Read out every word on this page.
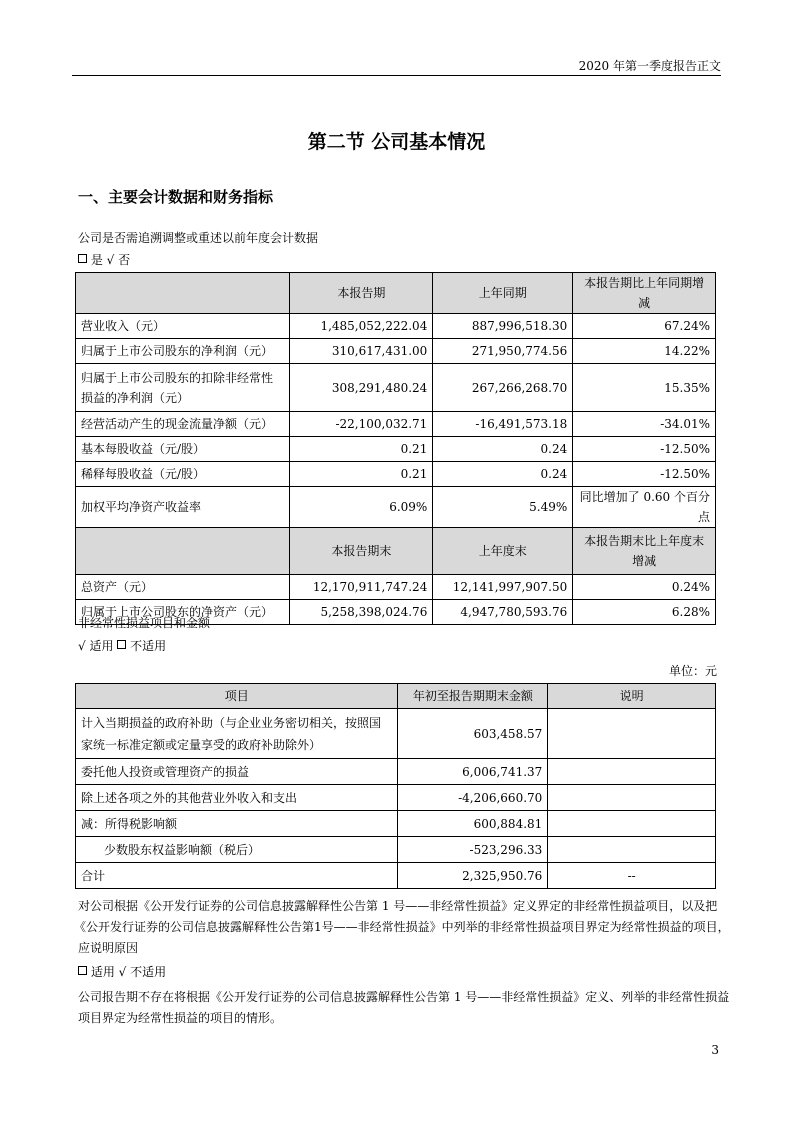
2020 年第一季度报告正文
第二节 公司基本情况
一、主要会计数据和财务指标
公司是否需追溯调整或重述以前年度会计数据
是 √ 否
	本报告期	上年同期	本报告期比上年同期增减
营业收入（元）	1,485,052,222.04	887,996,518.30	67.24%
归属于上市公司股东的净利润（元）	310,617,431.00	271,950,774.56	14.22%
归属于上市公司股东的扣除非经常性损益的净利润（元）	308,291,480.24	267,266,268.70	15.35%
经营活动产生的现金流量净额（元）	-22,100,032.71	-16,491,573.18	-34.01%
基本每股收益（元/股）	0.21	0.24	-12.50%
稀释每股收益（元/股）	0.21	0.24	-12.50%
加权平均净资产收益率	6.09%	5.49%	同比增加了 0.60 个百分点
	本报告期末	上年度末	本报告期末比上年度末增减
总资产（元）	12,170,911,747.24	12,141,997,907.50	0.24%
归属于上市公司股东的净资产（元）	5,258,398,024.76	4,947,780,593.76	6.28%
非经常性损益项目和金额
√ 适用  不适用
单位：元
项目	年初至报告期期末金额	说明
计入当期损益的政府补助（与企业业务密切相关，按照国家统一标准定额或定量享受的政府补助除外）	603,458.57	
委托他人投资或管理资产的损益	6,006,741.37	
除上述各项之外的其他营业外收入和支出	-4,206,660.70	
减：所得税影响额	600,884.81	
少数股东权益影响额（税后）	-523,296.33	
合计	2,325,950.76	--
对公司根据《公开发行证券的公司信息披露解释性公告第 1 号——非经常性损益》定义界定的非经常性损益项目，以及把
《公开发行证券的公司信息披露解释性公告第1号——非经常性损益》中列举的非经常性损益项目界定为经常性损益的项目，
应说明原因
适用 √ 不适用
公司报告期不存在将根据《公开发行证券的公司信息披露解释性公告第 1 号——非经常性损益》定义、列举的非经常性损益
项目界定为经常性损益的项目的情形。
3
